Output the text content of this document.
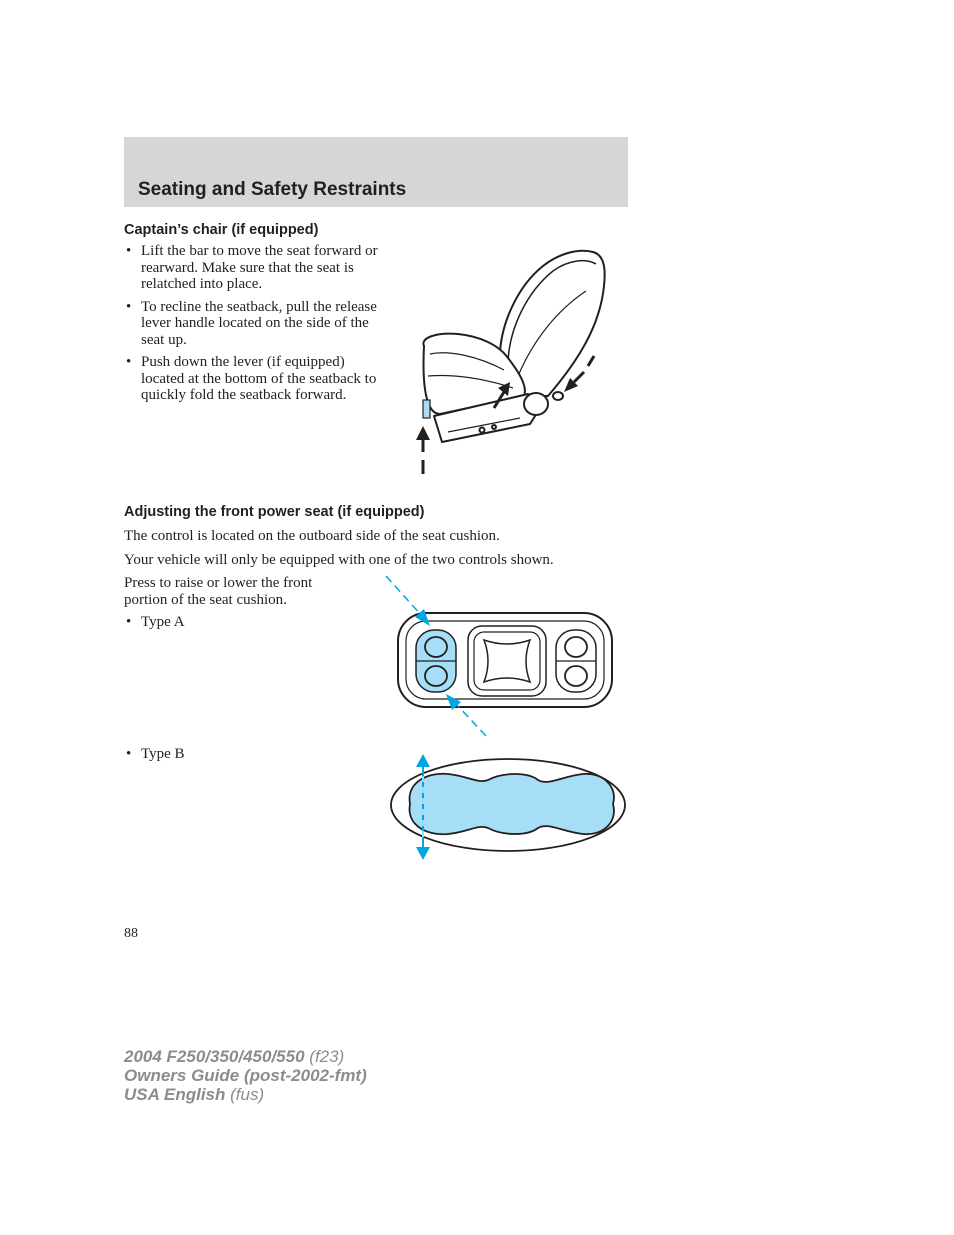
Seating and Safety Restraints
Captain’s chair (if equipped)
• Lift the bar to move the seat forward or rearward. Make sure that the seat is relatched into place.
• To recline the seatback, pull the release lever handle located on the side of the seat up.
• Push down the lever (if equipped) located at the bottom of the seatback to quickly fold the seatback forward.
Adjusting the front power seat (if equipped)

The control is located on the outboard side of the seat cushion.

Your vehicle will only be equipped with one of the two controls shown.

Press to raise or lower the front
portion of the seat cushion.

• Type A

• Type B

88

2004 F250/350/450/550 (f23)
Owners Guide (post-2002-fmt)
USA English (fus)
